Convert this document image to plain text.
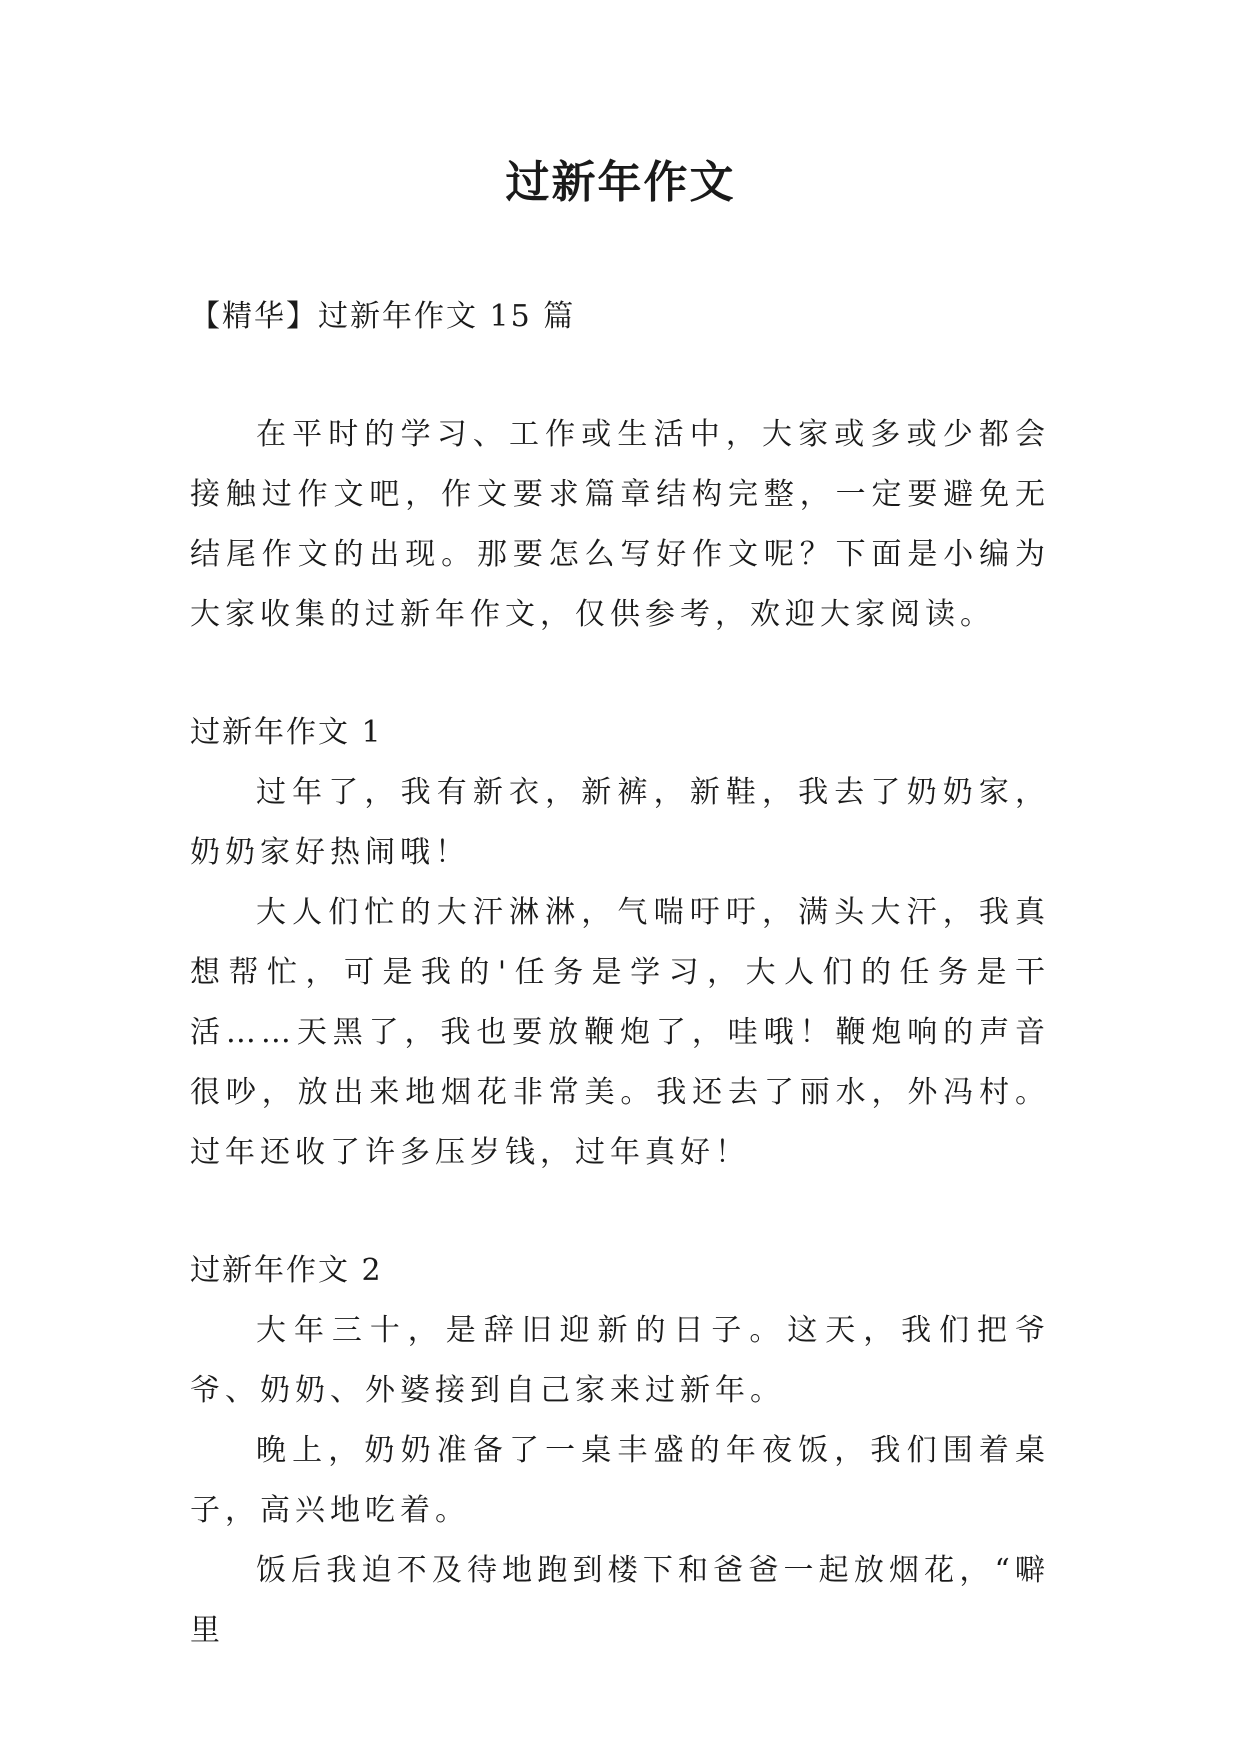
过新年作文

【精华】过新年作文 15 篇

在平时的学习、工作或生活中，大家或多或少都会接触过作文吧，作文要求篇章结构完整，一定要避免无结尾作文的出现。那要怎么写好作文呢？下面是小编为大家收集的过新年作文，仅供参考，欢迎大家阅读。

过新年作文 1

过年了，我有新衣，新裤，新鞋，我去了奶奶家，奶奶家好热闹哦！

大人们忙的大汗淋淋，气喘吁吁，满头大汗，我真想帮忙，可是我的'任务是学习，大人们的任务是干活……天黑了，我也要放鞭炮了，哇哦！鞭炮响的声音很吵，放出来地烟花非常美。我还去了丽水，外冯村。过年还收了许多压岁钱，过年真好！

过新年作文 2

大年三十，是辞旧迎新的日子。这天，我们把爷爷、奶奶、外婆接到自己家来过新年。

晚上，奶奶准备了一桌丰盛的年夜饭，我们围着桌子，高兴地吃着。

饭后我迫不及待地跑到楼下和爸爸一起放烟花，“噼里
